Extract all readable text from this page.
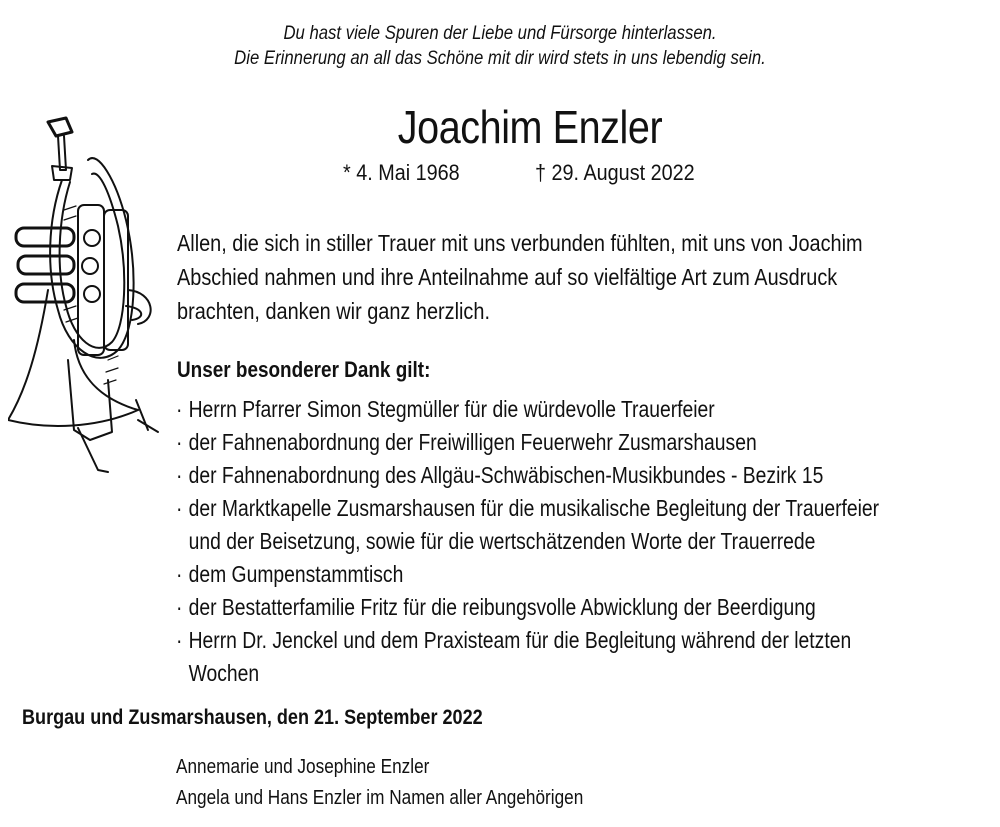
Du hast viele Spuren der Liebe und Fürsorge hinterlassen.
Die Erinnerung an all das Schöne mit dir wird stets in uns lebendig sein.
Joachim Enzler
* 4. Mai 1968	† 29. August 2022
Allen, die sich in stiller Trauer mit uns verbunden fühlten, mit uns von Joachim
Abschied nahmen und ihre Anteilnahme auf so vielfältige Art zum Ausdruck
brachten, danken wir ganz herzlich.
Unser besonderer Dank gilt:
· Herrn Pfarrer Simon Stegmüller für die würdevolle Trauerfeier
· der Fahnenabordnung der Freiwilligen Feuerwehr Zusmarshausen
· der Fahnenabordnung des Allgäu-Schwäbischen-Musikbundes - Bezirk 15
· der Marktkapelle Zusmarshausen für die musikalische Begleitung der Trauerfeier
und der Beisetzung, sowie für die wertschätzenden Worte der Trauerrede
· dem Gumpenstammtisch
· der Bestatterfamilie Fritz für die reibungsvolle Abwicklung der Beerdigung
· Herrn Dr. Jenckel und dem Praxisteam für die Begleitung während der letzten
Wochen
Burgau und Zusmarshausen, den 21. September 2022
Annemarie und Josephine Enzler
Angela und Hans Enzler im Namen aller Angehörigen
